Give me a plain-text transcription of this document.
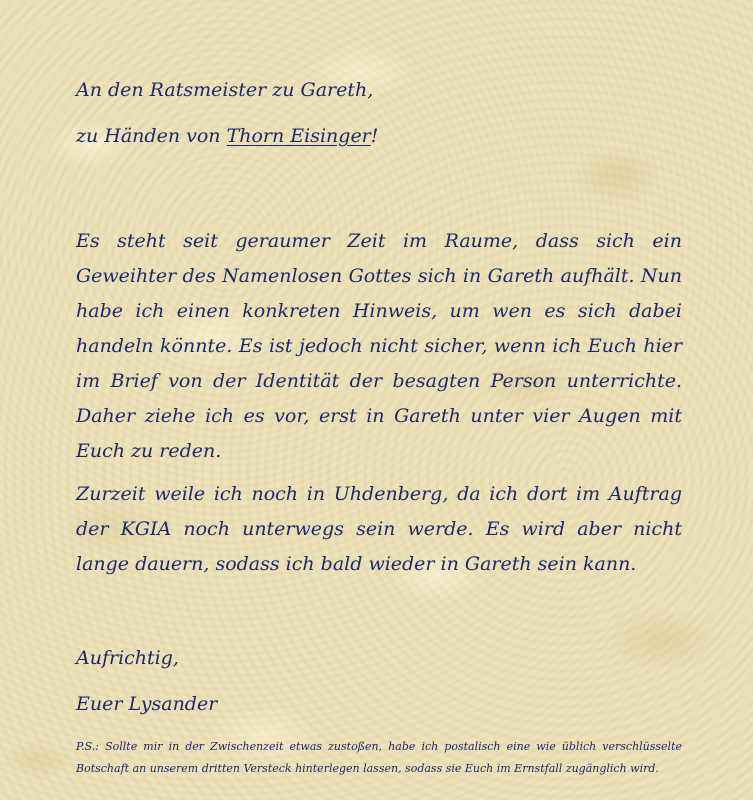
An den Ratsmeister zu Gareth,

zu Händen von Thorn Eisinger!

Es steht seit geraumer Zeit im Raume, dass sich ein Geweihter des Namenlosen Gottes sich in Gareth aufhält. Nun habe ich einen konkreten Hinweis, um wen es sich dabei handeln könnte. Es ist jedoch nicht sicher, wenn ich Euch hier im Brief von der Identität der besagten Person unterrichte. Daher ziehe ich es vor, erst in Gareth unter vier Augen mit Euch zu reden.

Zurzeit weile ich noch in Uhdenberg, da ich dort im Auftrag der KGIA noch unterwegs sein werde. Es wird aber nicht lange dauern, sodass ich bald wieder in Gareth sein kann.

Aufrichtig,

Euer Lysander

P.S.: Sollte mir in der Zwischenzeit etwas zustoßen, habe ich postalisch eine wie üblich verschlüsselte Botschaft an unserem dritten Versteck hinterlegen lassen, sodass sie Euch im Ernstfall zugänglich wird.
